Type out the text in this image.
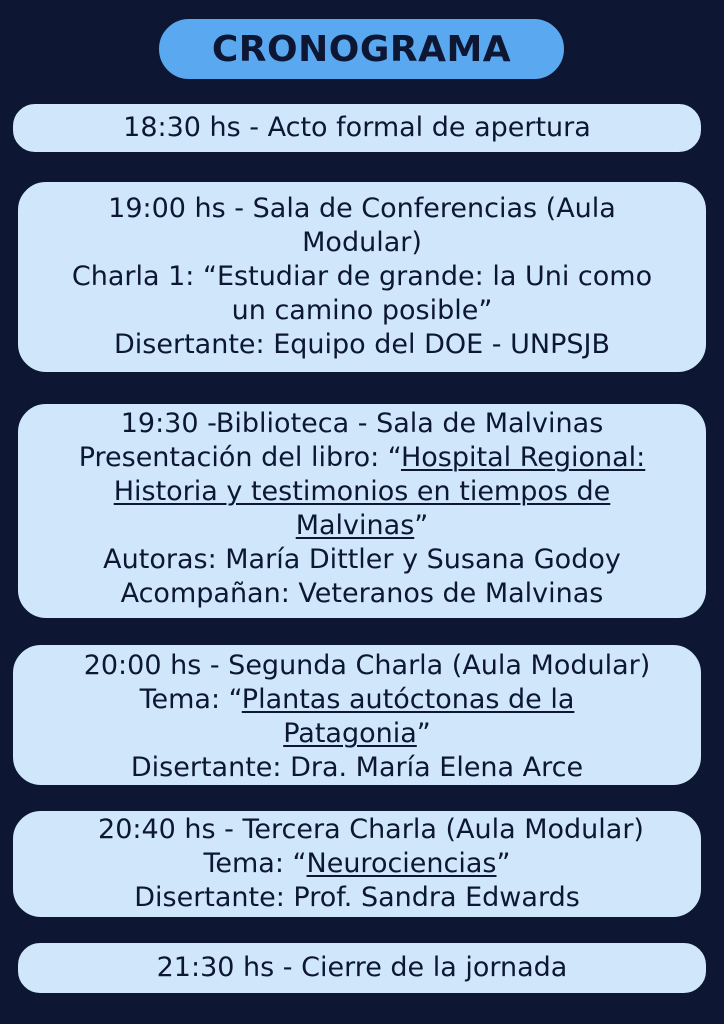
CRONOGRAMA
18:30 hs - Acto formal de apertura
19:00 hs - Sala de Conferencias (Aula
Modular)
Charla 1: “Estudiar de grande: la Uni como
un camino posible”
Disertante: Equipo del DOE - UNPSJB
19:30 -Biblioteca - Sala de Malvinas
Presentación del libro: “Hospital Regional:
Historia y testimonios en tiempos de
Malvinas”
Autoras: María Dittler y Susana Godoy
Acompañan: Veteranos de Malvinas
20:00 hs - Segunda Charla (Aula Modular)
Tema: “Plantas autóctonas de la
Patagonia”
Disertante: Dra. María Elena Arce
20:40 hs - Tercera Charla (Aula Modular)
Tema: “Neurociencias”
Disertante: Prof. Sandra Edwards
21:30 hs - Cierre de la jornada
